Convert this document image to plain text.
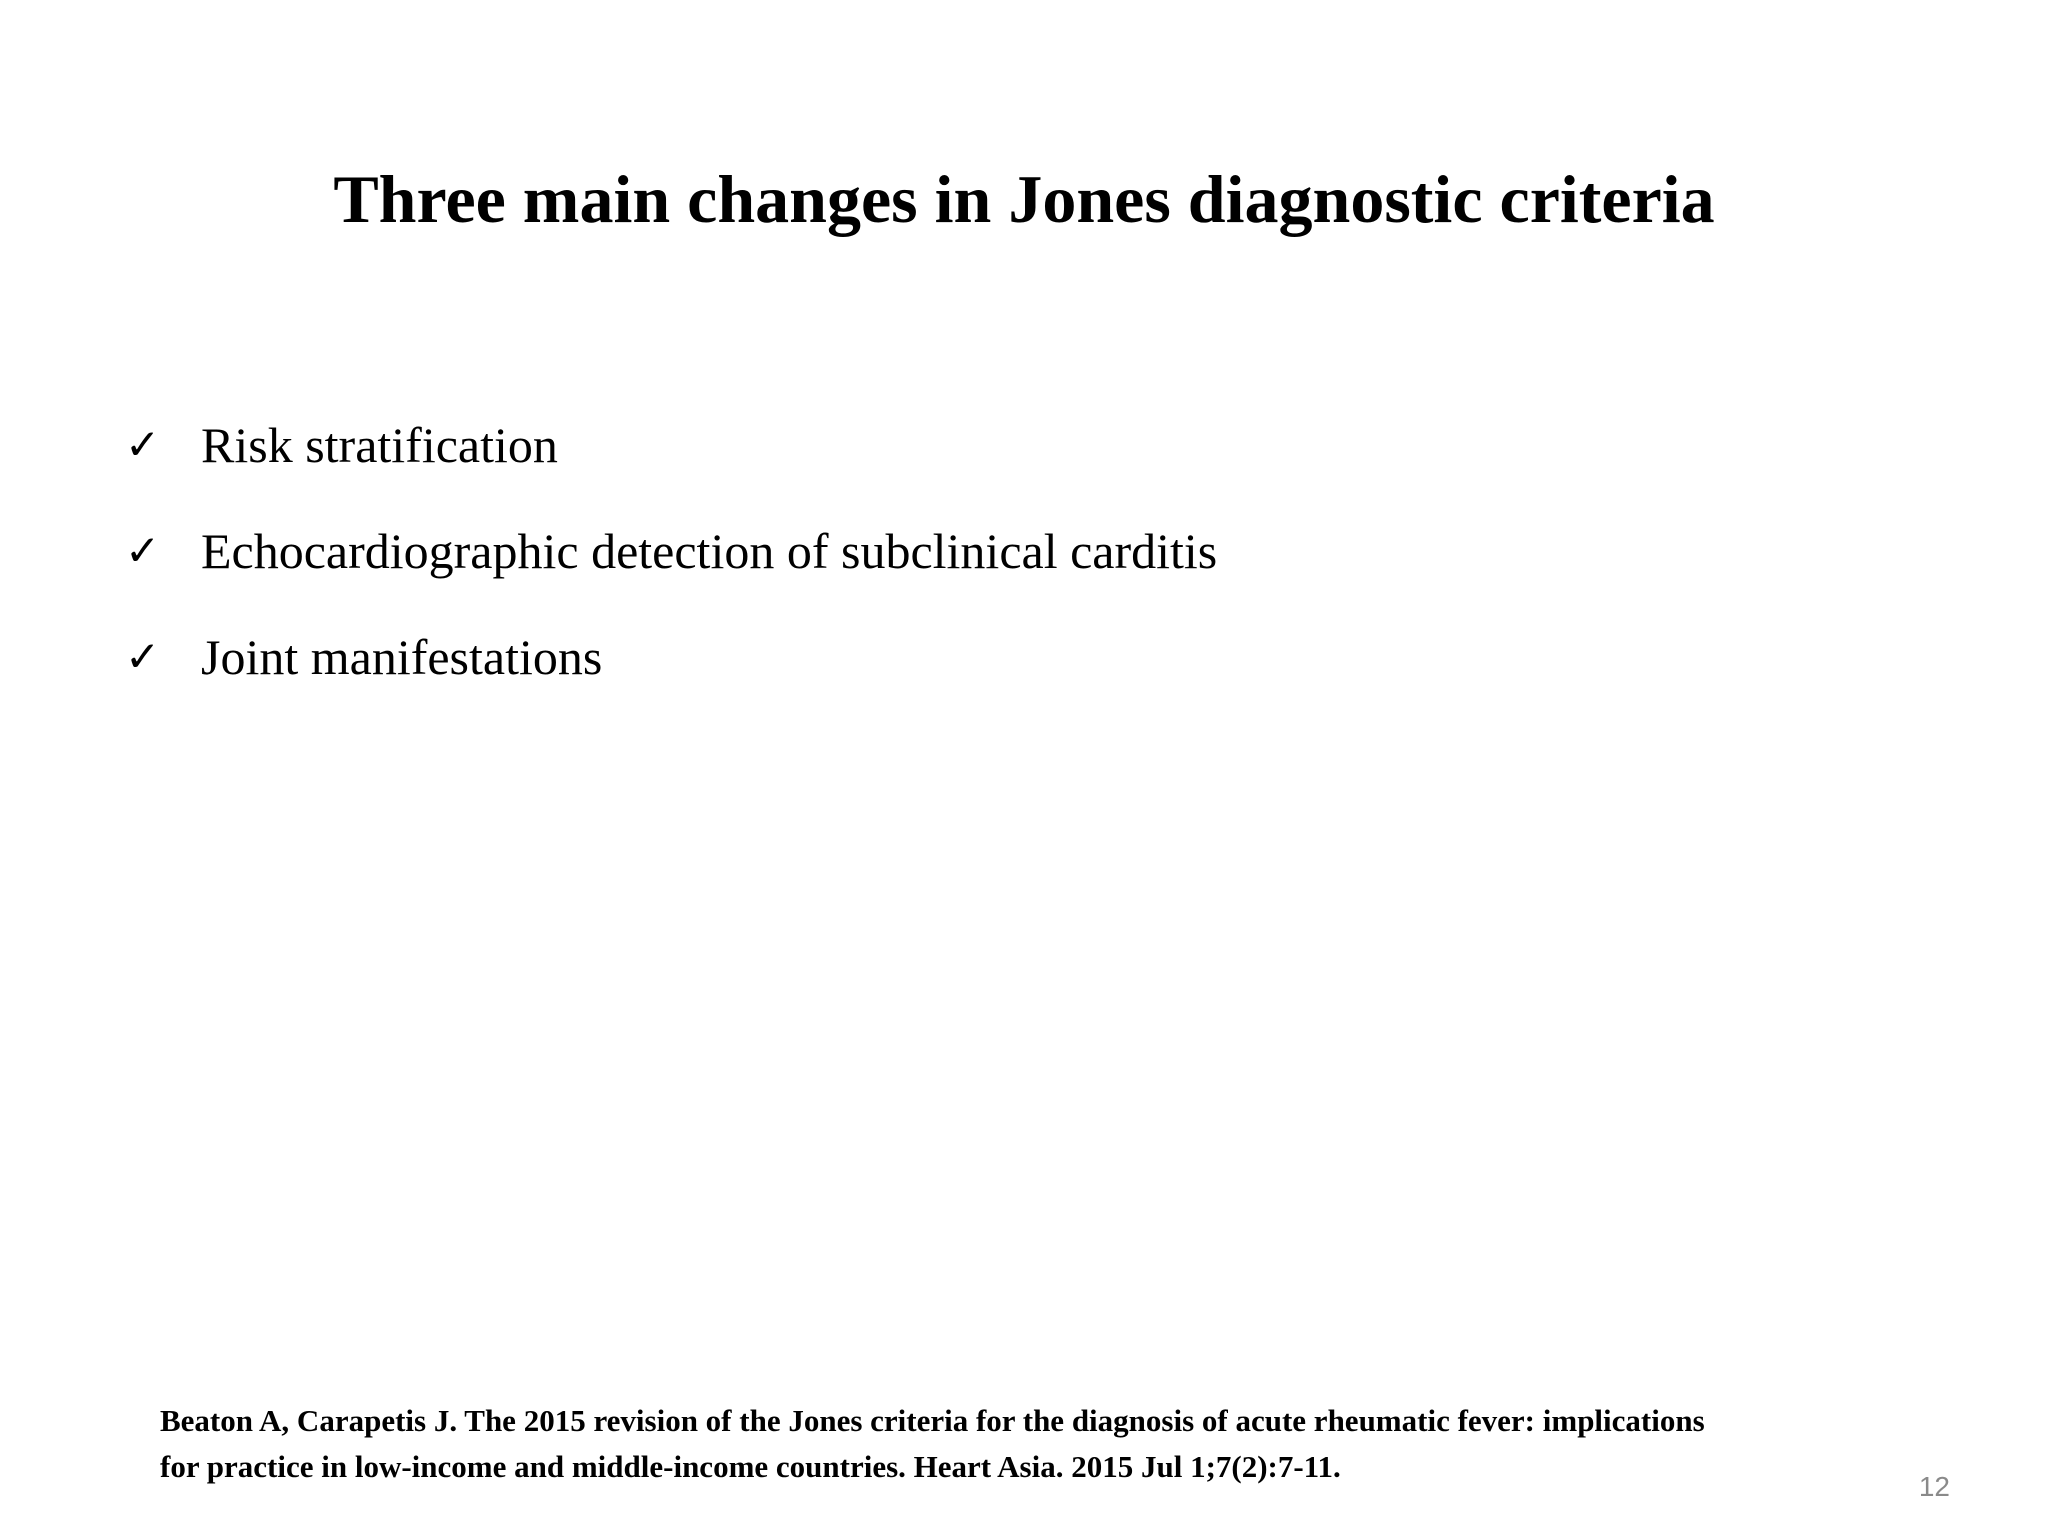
Three main changes in Jones diagnostic criteria
✓ Risk stratification
✓ Echocardiographic detection of subclinical carditis
✓ Joint manifestations
Beaton A, Carapetis J. The 2015 revision of the Jones criteria for the diagnosis of acute rheumatic fever: implications
for practice in low-income and middle-income countries. Heart Asia. 2015 Jul 1;7(2):7-11.
12
